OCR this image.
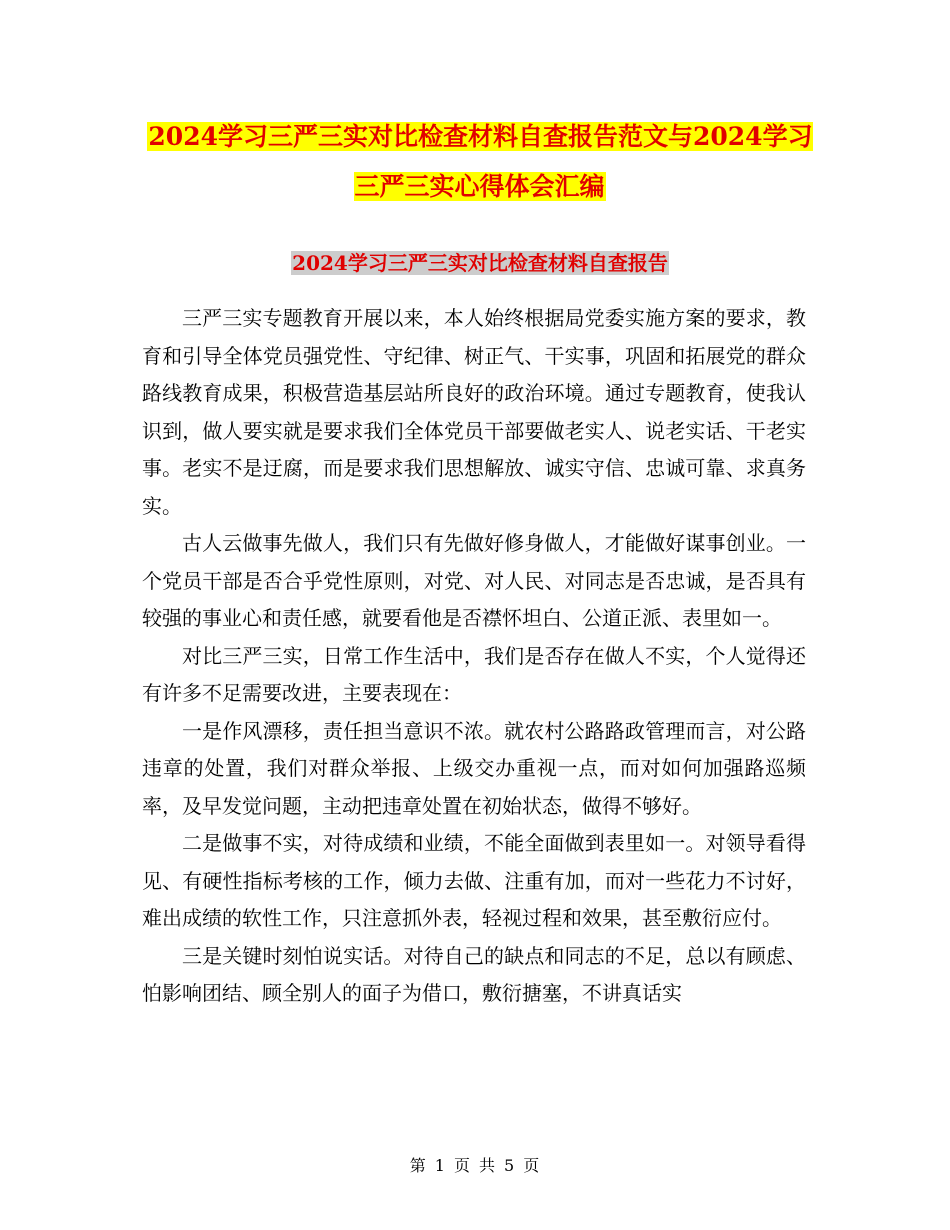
2024学习三严三实对比检查材料自查报告范文与2024学习三严三实心得体会汇编
2024学习三严三实对比检查材料自查报告

三严三实专题教育开展以来，本人始终根据局党委实施方案的要求，教育和引导全体党员强党性、守纪律、树正气、干实事，巩固和拓展党的群众路线教育成果，积极营造基层站所良好的政治环境。通过专题教育，使我认识到，做人要实就是要求我们全体党员干部要做老实人、说老实话、干老实事。老实不是迂腐，而是要求我们思想解放、诚实守信、忠诚可靠、求真务实。

古人云做事先做人，我们只有先做好修身做人，才能做好谋事创业。一个党员干部是否合乎党性原则，对党、对人民、对同志是否忠诚，是否具有较强的事业心和责任感，就要看他是否襟怀坦白、公道正派、表里如一。

对比三严三实，日常工作生活中，我们是否存在做人不实，个人觉得还有许多不足需要改进，主要表现在：

一是作风漂移，责任担当意识不浓。就农村公路路政管理而言，对公路违章的处置，我们对群众举报、上级交办重视一点，而对如何加强路巡频率，及早发觉问题，主动把违章处置在初始状态，做得不够好。

二是做事不实，对待成绩和业绩，不能全面做到表里如一。对领导看得见、有硬性指标考核的工作，倾力去做、注重有加，而对一些花力不讨好，难出成绩的软性工作，只注意抓外表，轻视过程和效果，甚至敷衍应付。

三是关键时刻怕说实话。对待自己的缺点和同志的不足，总以有顾虑、怕影响团结、顾全别人的面子为借口，敷衍搪塞，不讲真话实

第 1 页 共 5 页
